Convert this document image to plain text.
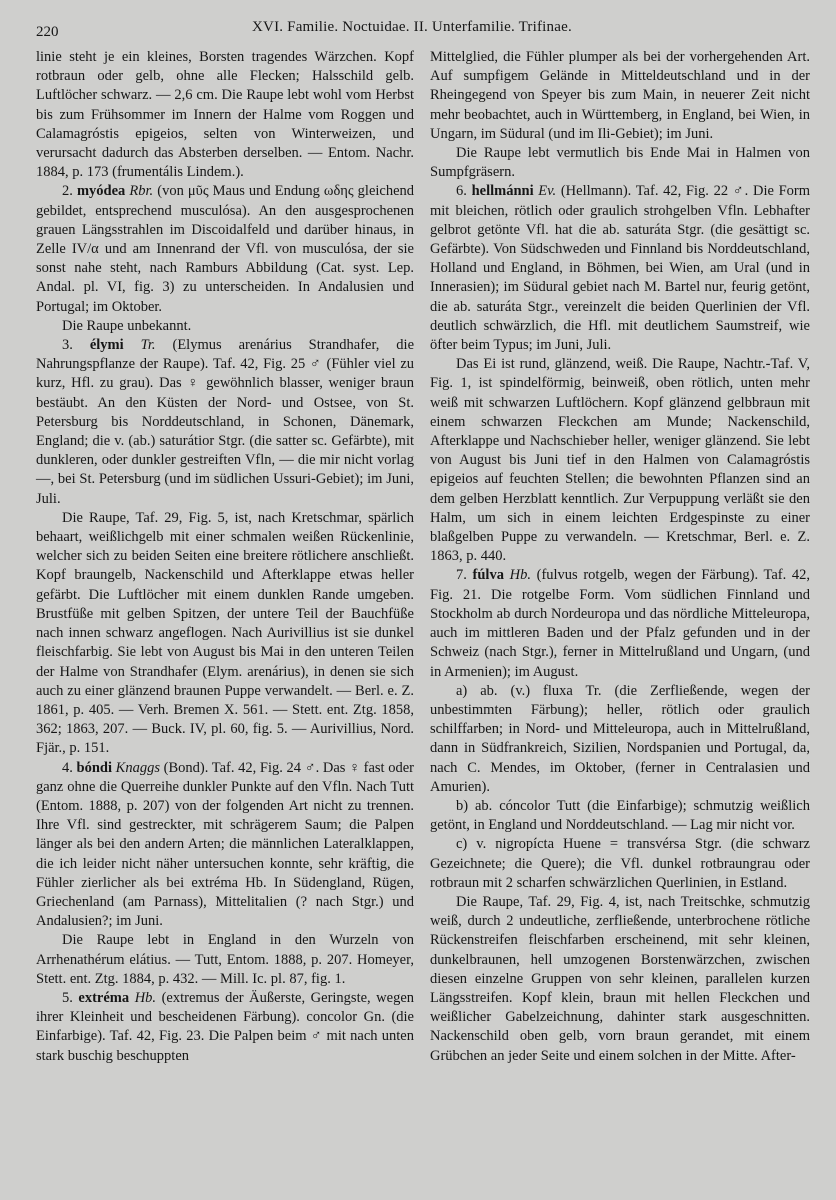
220	XVI. Familie. Noctuidae. II. Unterfamilie. Trifinae.

linie steht je ein kleines, Borsten tragendes Wärzchen. Kopf rotbraun oder gelb, ohne alle Flecken; Halsschild gelb. Luftlöcher schwarz. — 2,6 cm. Die Raupe lebt wohl vom Herbst bis zum Frühsommer im Innern der Halme vom Roggen und Calamagróstis epigeios, selten von Winterweizen, und verursacht dadurch das Absterben derselben. — Entom. Nachr. 1884, p. 173 (frumentális Lindem.).

2. myódea Rbr. (von μῦς Maus und Endung ωδης gleichend gebildet, entsprechend musculósa). An den ausgesprochenen grauen Längsstrahlen im Discoidalfeld und darüber hinaus, in Zelle IV/α und am Innenrand der Vfl. von musculósa, der sie sonst nahe steht, nach Ramburs Abbildung (Cat. syst. Lep. Andal. pl. VI, fig. 3) zu unterscheiden. In Andalusien und Portugal; im Oktober.

Die Raupe unbekannt.

3. élymi Tr. (Elymus arenárius Strandhafer, die Nahrungspflanze der Raupe). Taf. 42, Fig. 25 ♂ (Fühler viel zu kurz, Hfl. zu grau). Das ♀ gewöhnlich blasser, weniger braun bestäubt. An den Küsten der Nord- und Ostsee, von St. Petersburg bis Norddeutschland, in Schonen, Dänemark, England; die v. (ab.) saturátior Stgr. (die satter sc. Gefärbte), mit dunkleren, oder dunkler gestreiften Vfln, — die mir nicht vorlag —, bei St. Petersburg (und im südlichen Ussuri-Gebiet); im Juni, Juli.

Die Raupe, Taf. 29, Fig. 5, ist, nach Kretschmar, spärlich behaart, weißlichgelb mit einer schmalen weißen Rückenlinie, welcher sich zu beiden Seiten eine breitere rötlichere anschließt. Kopf braungelb, Nackenschild und Afterklappe etwas heller gefärbt. Die Luftlöcher mit einem dunklen Rande umgeben. Brustfüße mit gelben Spitzen, der untere Teil der Bauchfüße nach innen schwarz angeflogen. Nach Aurivillius ist sie dunkel fleischfarbig. Sie lebt von August bis Mai in den unteren Teilen der Halme von Strandhafer (Elym. arenárius), in denen sie sich auch zu einer glänzend braunen Puppe verwandelt. — Berl. e. Z. 1861, p. 405. — Verh. Bremen X. 561. — Stett. ent. Ztg. 1858, 362; 1863, 207. — Buck. IV, pl. 60, fig. 5. — Aurivillius, Nord. Fjär., p. 151.

4. bóndi Knaggs (Bond). Taf. 42, Fig. 24 ♂. Das ♀ fast oder ganz ohne die Querreihe dunkler Punkte auf den Vfln. Nach Tutt (Entom. 1888, p. 207) von der folgenden Art nicht zu trennen. Ihre Vfl. sind gestreckter, mit schrägerem Saum; die Palpen länger als bei den andern Arten; die männlichen Lateralklappen, die ich leider nicht näher untersuchen konnte, sehr kräftig, die Fühler zierlicher als bei extréma Hb. In Südengland, Rügen, Griechenland (am Parnass), Mittelitalien (? nach Stgr.) und Andalusien?; im Juni.

Die Raupe lebt in England in den Wurzeln von Arrhenathérum elátius. — Tutt, Entom. 1888, p. 207. Homeyer, Stett. ent. Ztg. 1884, p. 432. — Mill. Ic. pl. 87, fig. 1.

5. extréma Hb. (extremus der Äußerste, Geringste, wegen ihrer Kleinheit und bescheidenen Färbung). concolor Gn. (die Einfarbige). Taf. 42, Fig. 23. Die Palpen beim ♂ mit nach unten stark buschig beschuppten

Mittelglied, die Fühler plumper als bei der vorhergehenden Art. Auf sumpfigem Gelände in Mitteldeutschland und in der Rheingegend von Speyer bis zum Main, in neuerer Zeit nicht mehr beobachtet, auch in Württemberg, in England, bei Wien, in Ungarn, im Südural (und im Ili-Gebiet); im Juni.

Die Raupe lebt vermutlich bis Ende Mai in Halmen von Sumpfgräsern.

6. hellmánni Ev. (Hellmann). Taf. 42, Fig. 22 ♂. Die Form mit bleichen, rötlich oder graulich strohgelben Vfln. Lebhafter gelbrot getönte Vfl. hat die ab. saturáta Stgr. (die gesättigt sc. Gefärbte). Von Südschweden und Finnland bis Norddeutschland, Holland und England, in Böhmen, bei Wien, am Ural (und in Innerasien); im Südural gebiet nach M. Bartel nur, feurig getönt, die ab. saturáta Stgr., vereinzelt die beiden Querlinien der Vfl. deutlich schwärzlich, die Hfl. mit deutlichem Saumstreif, wie öfter beim Typus; im Juni, Juli.

Das Ei ist rund, glänzend, weiß. Die Raupe, Nachtr.-Taf. V, Fig. 1, ist spindelförmig, beinweiß, oben rötlich, unten mehr weiß mit schwarzen Luftlöchern. Kopf glänzend gelbbraun mit einem schwarzen Fleckchen am Munde; Nackenschild, Afterklappe und Nachschieber heller, weniger glänzend. Sie lebt von August bis Juni tief in den Halmen von Calamagróstis epigeios auf feuchten Stellen; die bewohnten Pflanzen sind an dem gelben Herzblatt kenntlich. Zur Verpuppung verläßt sie den Halm, um sich in einem leichten Erdgespinste zu einer blaßgelben Puppe zu verwandeln. — Kretschmar, Berl. e. Z. 1863, p. 440.

7. fúlva Hb. (fulvus rotgelb, wegen der Färbung). Taf. 42, Fig. 21. Die rotgelbe Form. Vom südlichen Finnland und Stockholm ab durch Nordeuropa und das nördliche Mitteleuropa, auch im mittleren Baden und der Pfalz gefunden und in der Schweiz (nach Stgr.), ferner in Mittelrußland und Ungarn, (und in Armenien); im August.

a) ab. (v.) fluxa Tr. (die Zerfließende, wegen der unbestimmten Färbung); heller, rötlich oder graulich schilffarben; in Nord- und Mitteleuropa, auch in Mittelrußland, dann in Südfrankreich, Sizilien, Nordspanien und Portugal, da, nach C. Mendes, im Oktober, (ferner in Centralasien und Amurien).

b) ab. cóncolor Tutt (die Einfarbige); schmutzig weißlich getönt, in England und Norddeutschland. — Lag mir nicht vor.

c) v. nigropícta Huene = transvérsa Stgr. (die schwarz Gezeichnete; die Quere); die Vfl. dunkel rotbraungrau oder rotbraun mit 2 scharfen schwärzlichen Querlinien, in Estland.

Die Raupe, Taf. 29, Fig. 4, ist, nach Treitschke, schmutzig weiß, durch 2 undeutliche, zerfließende, unterbrochene rötliche Rückenstreifen fleischfarben erscheinend, mit sehr kleinen, dunkelbraunen, hell umzogenen Borstenwärzchen, zwischen diesen einzelne Gruppen von sehr kleinen, parallelen kurzen Längsstreifen. Kopf klein, braun mit hellen Fleckchen und weißlicher Gabelzeichnung, dahinter stark ausgeschnitten. Nackenschild oben gelb, vorn braun gerandet, mit einem Grübchen an jeder Seite und einem solchen in der Mitte. After-
